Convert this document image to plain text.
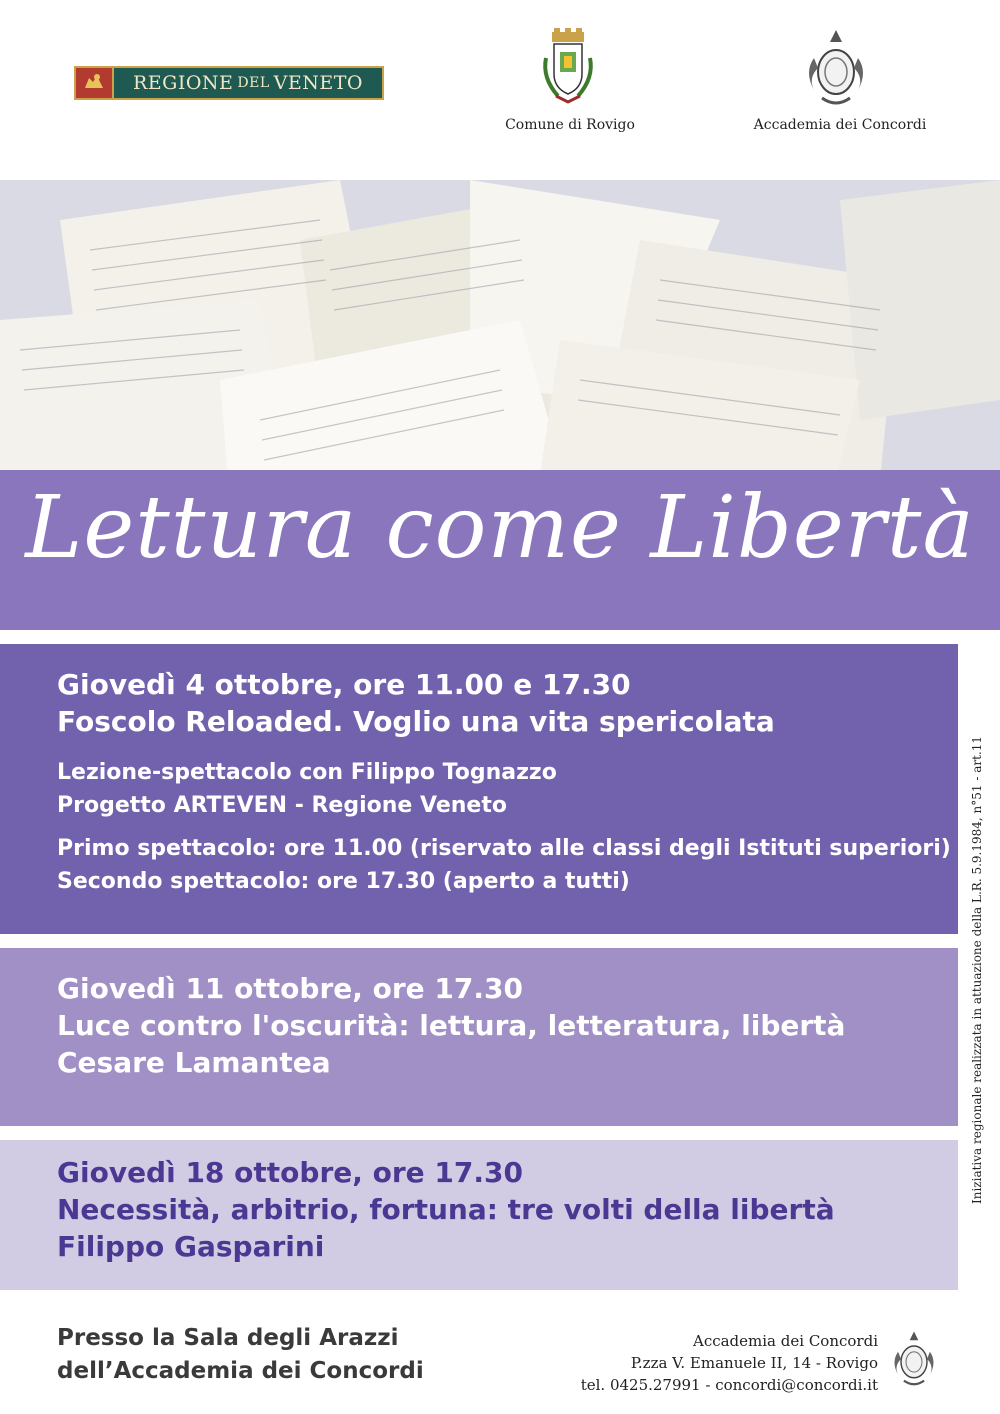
REGIONE DEL VENETO
Comune di Rovigo	Accademia dei Concordi
Lettura come Libertà
Giovedì 4 ottobre, ore 11.00 e 17.30
Foscolo Reloaded. Voglio una vita spericolata
Lezione-spettacolo con Filippo Tognazzo
Progetto ARTEVEN - Regione Veneto
Primo spettacolo: ore 11.00 (riservato alle classi degli Istituti superiori)
Secondo spettacolo: ore 17.30 (aperto a tutti)
Giovedì 11 ottobre, ore 17.30
Luce contro l'oscurità: lettura, letteratura, libertà
Cesare Lamantea
Giovedì 18 ottobre, ore 17.30
Necessità, arbitrio, fortuna: tre volti della libertà
Filippo Gasparini
Iniziativa regionale realizzata in attuazione della L.R. 5.9.1984, n°51 - art.11
Presso la Sala degli Arazzi
dell’Accademia dei Concordi
Accademia dei Concordi
P.zza V. Emanuele II, 14 - Rovigo
tel. 0425.27991 - concordi@concordi.it
